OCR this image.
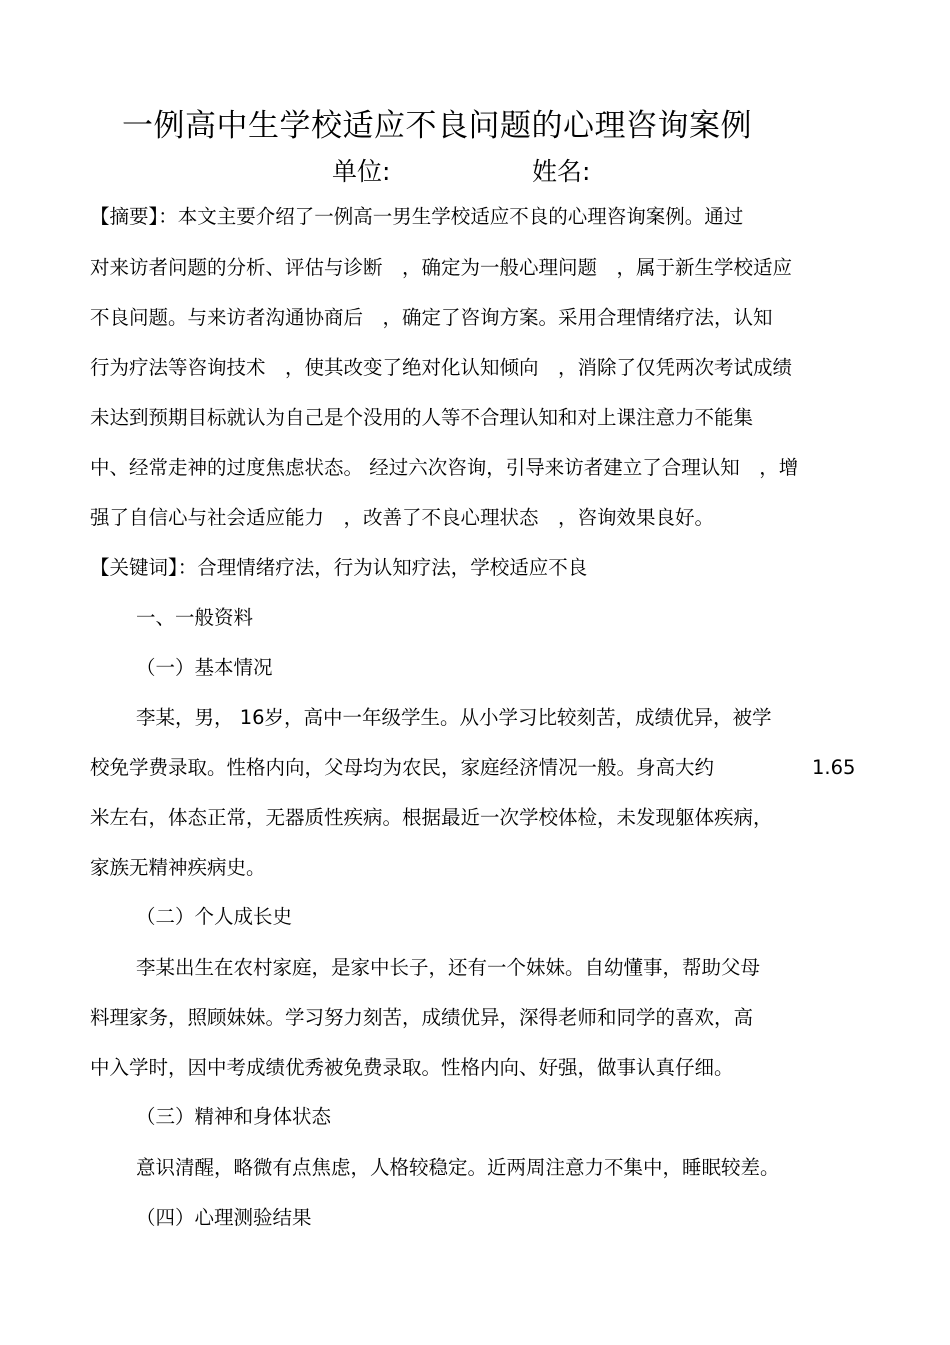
一例高中生学校适应不良问题的心理咨询案例
单位:	姓名:
【摘要】：本文主要介绍了一例高一男生学校适应不良的心理咨询案例。通过
对来访者问题的分析、评估与诊断　，确定为一般心理问题　，属于新生学校适应
不良问题。与来访者沟通协商后　，确定了咨询方案。采用合理情绪疗法，认知
行为疗法等咨询技术　，使其改变了绝对化认知倾向　，消除了仅凭两次考试成绩
未达到预期目标就认为自己是个没用的人等不合理认知和对上课注意力不能集
中、经常走神的过度焦虑状态。 经过六次咨询，引导来访者建立了合理认知　，增
强了自信心与社会适应能力　，改善了不良心理状态　，咨询效果良好。
【关键词】：合理情绪疗法，行为认知疗法，学校适应不良
一、一般资料
（一）基本情况
李某，男， 16岁，高中一年级学生。从小学习比较刻苦，成绩优异，被学
校免学费录取。性格内向，父母均为农民，家庭经济情况一般。身高大约	1.65
米左右，体态正常，无器质性疾病。根据最近一次学校体检，未发现躯体疾病，
家族无精神疾病史。
（二）个人成长史
李某出生在农村家庭，是家中长子，还有一个妹妹。自幼懂事，帮助父母
料理家务，照顾妹妹。学习努力刻苦，成绩优异，深得老师和同学的喜欢，高
中入学时，因中考成绩优秀被免费录取。性格内向、好强，做事认真仔细。
（三）精神和身体状态
意识清醒，略微有点焦虑，人格较稳定。近两周注意力不集中，睡眠较差。
（四）心理测验结果
